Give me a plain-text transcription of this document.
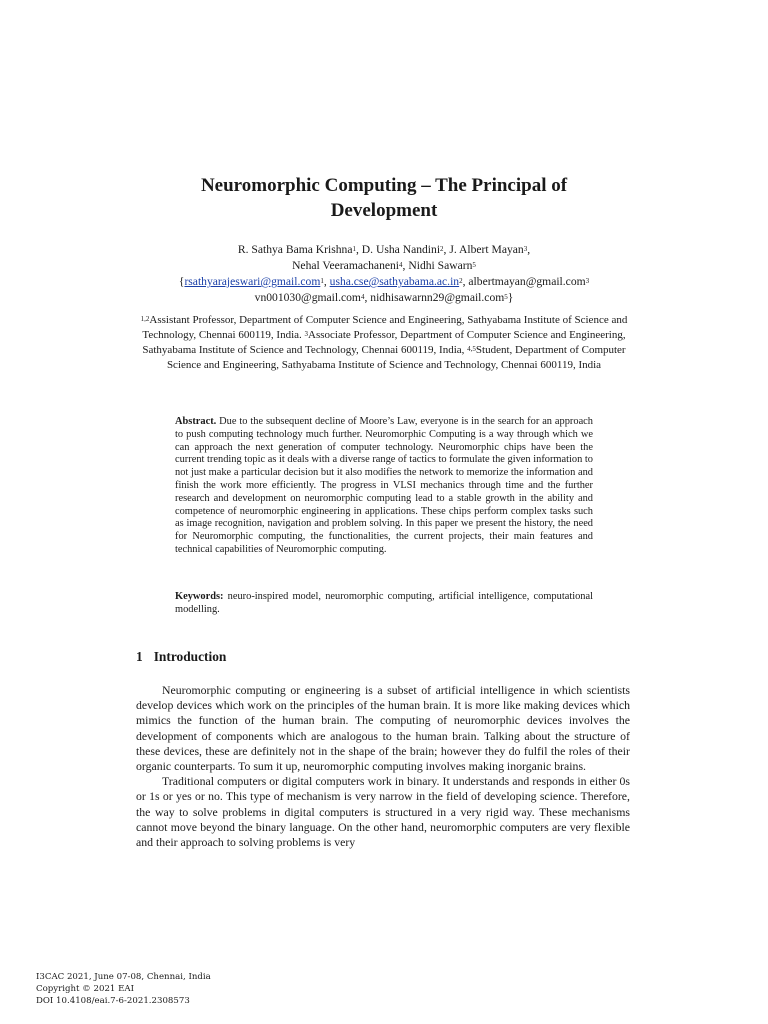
Neuromorphic Computing – The Principal of
Development
R. Sathya Bama Krishna$^1$, D. Usha Nandini$^2$, J. Albert Mayan$^3$,
Nehal Veeramachaneni$^4$, Nidhi Sawarn$^5$
{rsathyarajeswari@gmail.com$^1$, $usha.cse@sathyabama.ac.in^2$, albertmayan@gmail.com$^3$
vn001030@gmail.com$^4$, nidhisawarnn29@gmail.com$^5$}
$^{1,2}$Assistant Professor, Department of Computer Science and Engineering, Sathyabama Institute of Science and Technology, Chennai 600119, India. $^3$Associate Professor, Department of Computer Science and Engineering, Sathyabama Institute of Science and Technology, Chennai 600119, India, $^{4,5}$Student, Department of Computer Science and Engineering, Sathyabama Institute of Science and Technology, Chennai 600119, India
Abstract. Due to the subsequent decline of Moore’s Law, everyone is in the search for an approach to push computing technology much further. Neuromorphic Computing is a way through which we can approach the next generation of computer technology. Neuromorphic chips have been the current trending topic as it deals with a diverse range of tactics to formulate the given information to not just make a particular decision but it also modifies the network to memorize the information and finish the work more efficiently. The progress in VLSI mechanics through time and the further research and development on neuromorphic computing lead to a stable growth in the ability and competence of neuromorphic engineering in applications. These chips perform complex tasks such as image recognition, navigation and problem solving. In this paper we present the history, the need for Neuromorphic computing, the functionalities, the current projects, their main features and technical capabilities of Neuromorphic computing.
Keywords: neuro-inspired model, neuromorphic computing, artificial intelligence, computational modelling.
1 Introduction

Neuromorphic computing or engineering is a subset of artificial intelligence in which scientists develop devices which work on the principles of the human brain. It is more like making devices which mimics the function of the human brain. The computing of neuromorphic devices involves the development of components which are analogous to the human brain. Talking about the structure of these devices, these are definitely not in the shape of the brain; however they do fulfil the roles of their organic counterparts. To sum it up, neuromorphic computing involves making inorganic brains.

Traditional computers or digital computers work in binary. It understands and responds in either 0s or 1s or yes or no. This type of mechanism is very narrow in the field of developing science. Therefore, the way to solve problems in digital computers is structured in a very rigid way. These mechanisms cannot move beyond the binary language. On the other hand, neuromorphic computers are very flexible and their approach to solving problems is very

I3CAC 2021, June 07-08, Chennai, India
Copyright © 2021 EAI
DOI 10.4108/eai.7-6-2021.2308573
